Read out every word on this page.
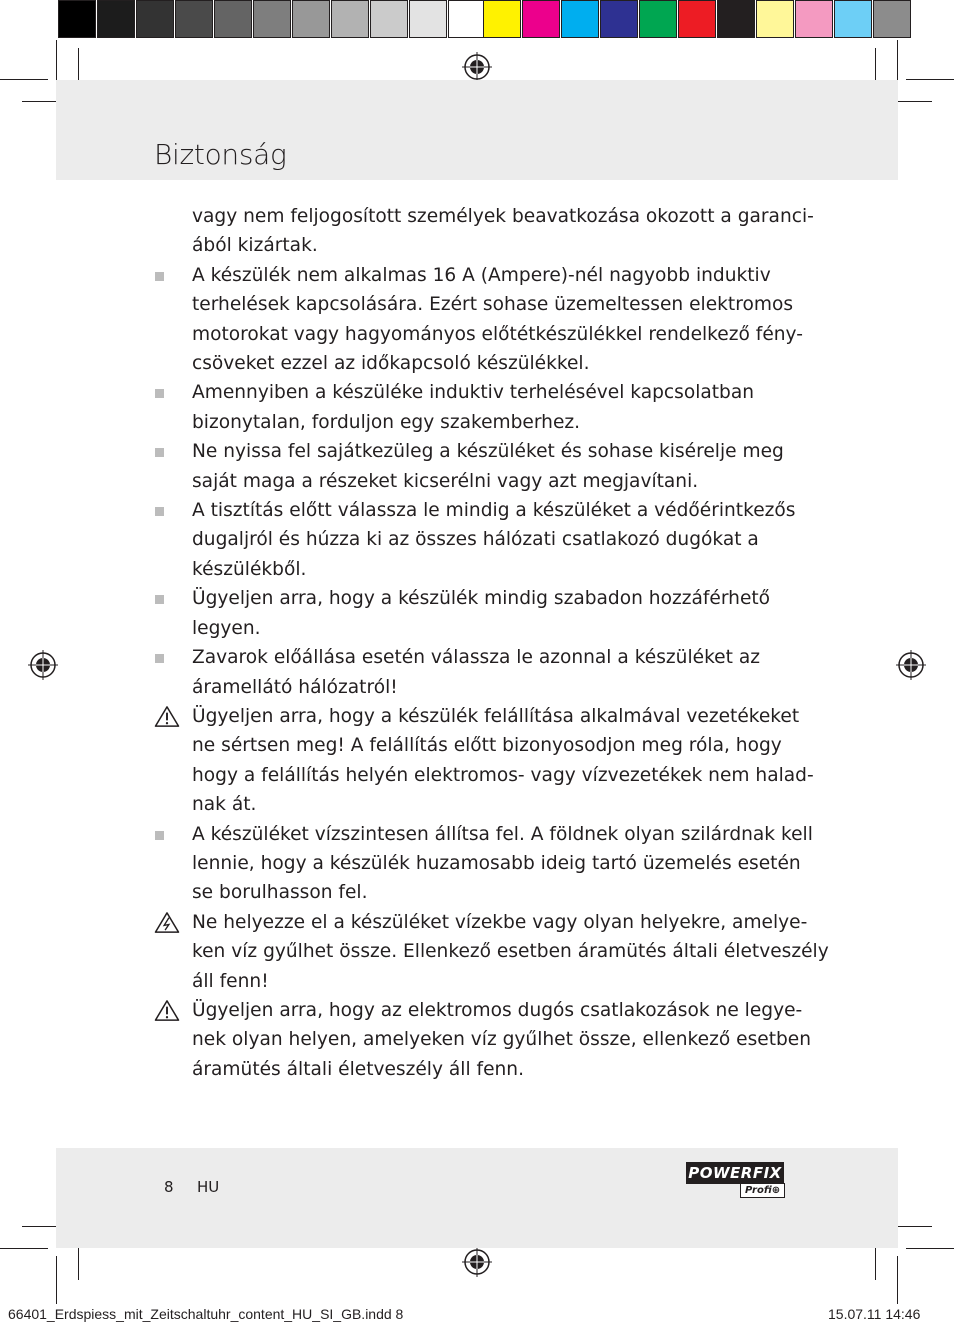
Biztonság
vagy nem feljogosított személyek beavatkozása okozott a garanci-
ából kizártak.
A készülék nem alkalmas 16 A (Ampere)-nél nagyobb induktiv
terhelések kapcsolására. Ezért sohase üzemeltessen elektromos
motorokat vagy hagyományos előtétkészülékkel rendelkező fény-
csöveket ezzel az időkapcsoló készülékkel.
Amennyiben a készüléke induktiv terhelésével kapcsolatban
bizonytalan, forduljon egy szakemberhez.
Ne nyissa fel sajátkezüleg a készüléket és sohase kisérelje meg
saját maga a részeket kicserélni vagy azt megjavítani.
A tisztítás előtt válassza le mindig a készüléket a védőérintkezős
dugaljról és húzza ki az összes hálózati csatlakozó dugókat a
készülékből.
Ügyeljen arra, hogy a készülék mindig szabadon hozzáférhető
legyen.
Zavarok előállása esetén válassza le azonnal a készüléket az
áramellátó hálózatról!
Ügyeljen arra, hogy a készülék felállítása alkalmával vezetékeket
ne sértsen meg! A felállítás előtt bizonyosodjon meg róla, hogy
hogy a felállítás helyén elektromos- vagy vízvezetékek nem halad-
nak át.
A készüléket vízszintesen állítsa fel. A földnek olyan szilárdnak kell
lennie, hogy a készülék huzamosabb ideig tartó üzemelés esetén
se borulhasson fel.
Ne helyezze el a készüléket vízekbe vagy olyan helyekre, amelye-
ken víz gyűlhet össze. Ellenkező esetben áramütés általi életveszély
áll fenn!
Ügyeljen arra, hogy az elektromos dugós csatlakozások ne legye-
nek olyan helyen, amelyeken víz gyűlhet össze, ellenkező esetben
áramütés általi életveszély áll fenn.
8 HU
POWERFIX
Profi⊕
66401_Erdspiess_mit_Zeitschaltuhr_content_HU_SI_GB.indd 8	15.07.11 14:46
